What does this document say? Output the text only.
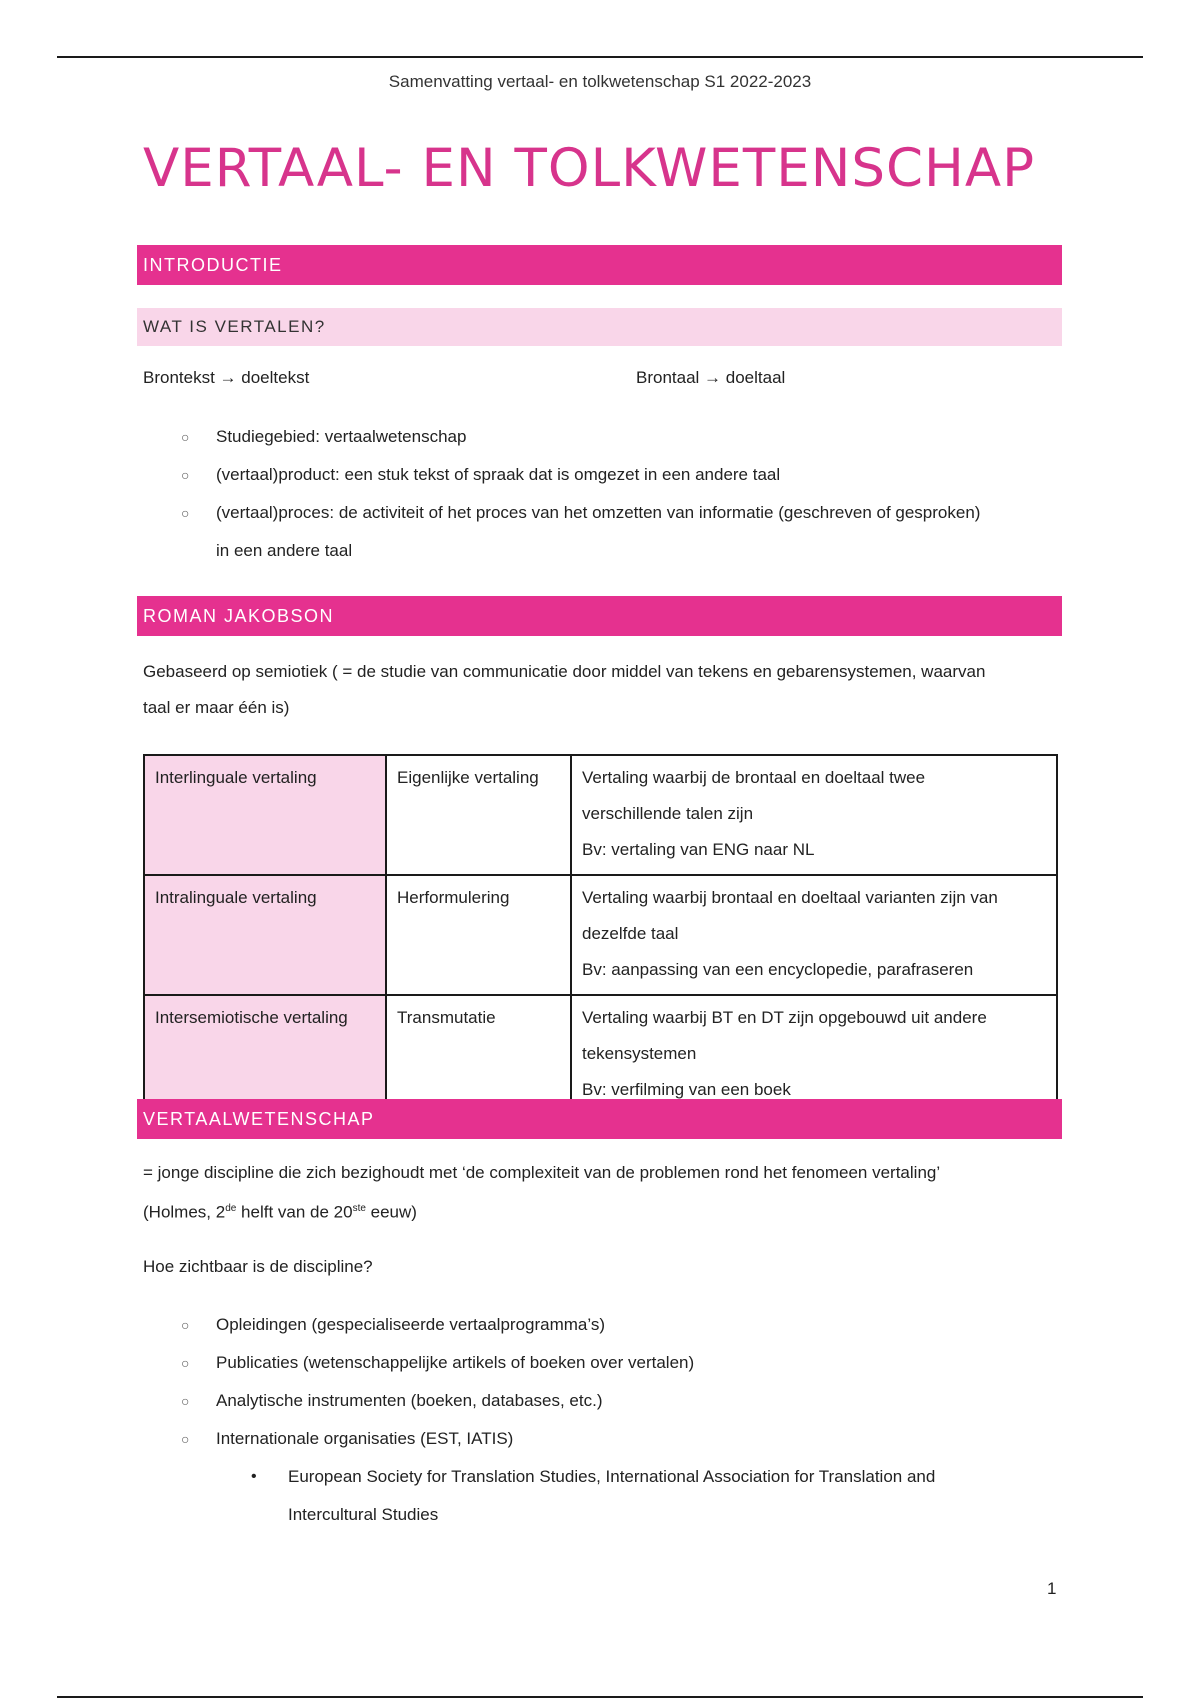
Samenvatting vertaal- en tolkwetenschap S1 2022-2023
VERTAAL- EN TOLKWETENSCHAP
INTRODUCTIE
WAT IS VERTALEN?
Brontekst → doeltekst	Brontaal → doeltaal
○ Studiegebied: vertaalwetenschap
○ (vertaal)product: een stuk tekst of spraak dat is omgezet in een andere taal
○ (vertaal)proces: de activiteit of het proces van het omzetten van informatie (geschreven of gesproken)
in een andere taal
ROMAN JAKOBSON
Gebaseerd op semiotiek ( = de studie van communicatie door middel van tekens en gebarensystemen, waarvan
taal er maar één is)
Interlinguale vertaling	Eigenlijke vertaling	Vertaling waarbij de brontaal en doeltaal twee
verschillende talen zijn
Bv: vertaling van ENG naar NL

Intralinguale vertaling	Herformulering	Vertaling waarbij brontaal en doeltaal varianten zijn van
dezelfde taal
Bv: aanpassing van een encyclopedie, parafraseren

Intersemiotische vertaling	Transmutatie	Vertaling waarbij BT en DT zijn opgebouwd uit andere
tekensystemen
Bv: verfilming van een boek
VERTAALWETENSCHAP
= jonge discipline die zich bezighoudt met ‘de complexiteit van de problemen rond het fenomeen vertaling’
(Holmes, 2de helft van de 20ste eeuw)
Hoe zichtbaar is de discipline?
○ Opleidingen (gespecialiseerde vertaalprogramma’s)
○ Publicaties (wetenschappelijke artikels of boeken over vertalen)
○ Analytische instrumenten (boeken, databases, etc.)
○ Internationale organisaties (EST, IATIS)
• European Society for Translation Studies, International Association for Translation and
Intercultural Studies
1
